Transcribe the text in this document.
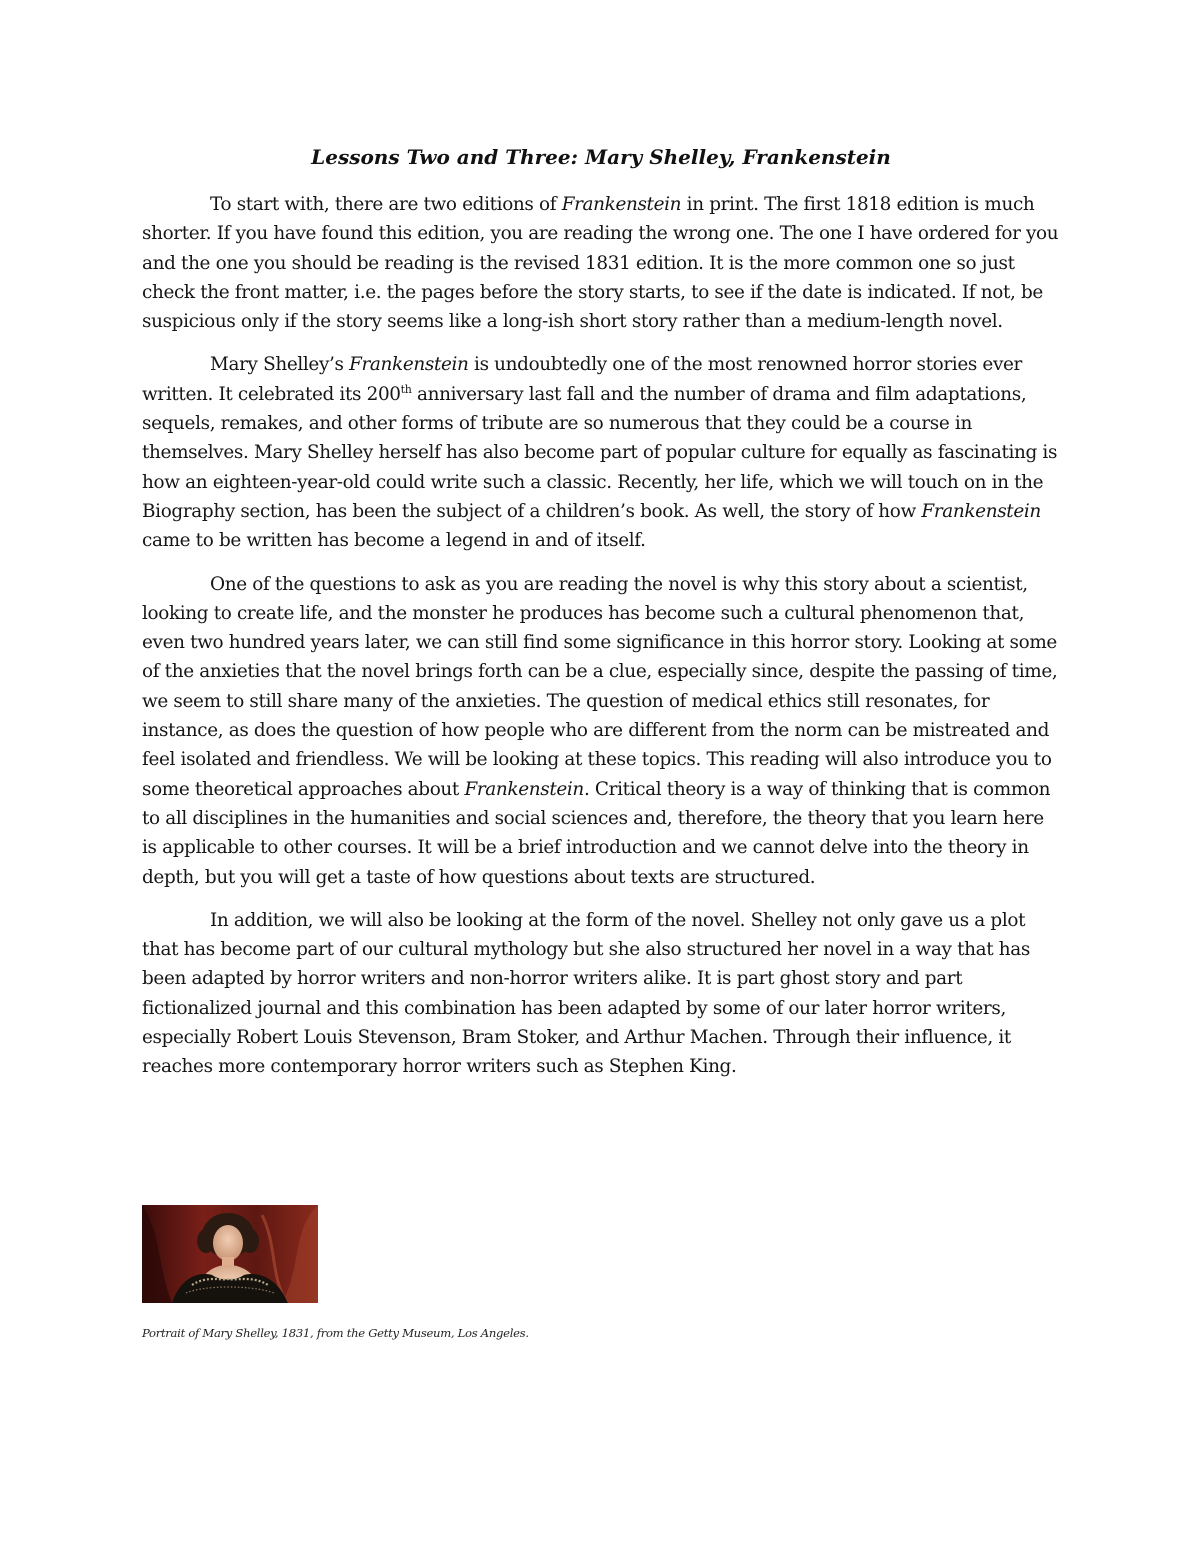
Lessons Two and Three: Mary Shelley, Frankenstein

To start with, there are two editions of Frankenstein in print. The first 1818 edition is much shorter. If you have found this edition, you are reading the wrong one. The one I have ordered for you and the one you should be reading is the revised 1831 edition. It is the more common one so just check the front matter, i.e. the pages before the story starts, to see if the date is indicated. If not, be suspicious only if the story seems like a long-ish short story rather than a medium-length novel.

Mary Shelley’s Frankenstein is undoubtedly one of the most renowned horror stories ever written. It celebrated its 200th anniversary last fall and the number of drama and film adaptations, sequels, remakes, and other forms of tribute are so numerous that they could be a course in themselves. Mary Shelley herself has also become part of popular culture for equally as fascinating is how an eighteen-year-old could write such a classic. Recently, her life, which we will touch on in the Biography section, has been the subject of a children’s book. As well, the story of how Frankenstein came to be written has become a legend in and of itself.

One of the questions to ask as you are reading the novel is why this story about a scientist, looking to create life, and the monster he produces has become such a cultural phenomenon that, even two hundred years later, we can still find some significance in this horror story. Looking at some of the anxieties that the novel brings forth can be a clue, especially since, despite the passing of time, we seem to still share many of the anxieties. The question of medical ethics still resonates, for instance, as does the question of how people who are different from the norm can be mistreated and feel isolated and friendless. We will be looking at these topics. This reading will also introduce you to some theoretical approaches about Frankenstein. Critical theory is a way of thinking that is common to all disciplines in the humanities and social sciences and, therefore, the theory that you learn here is applicable to other courses. It will be a brief introduction and we cannot delve into the theory in depth, but you will get a taste of how questions about texts are structured.

In addition, we will also be looking at the form of the novel. Shelley not only gave us a plot that has become part of our cultural mythology but she also structured her novel in a way that has been adapted by horror writers and non-horror writers alike. It is part ghost story and part fictionalized journal and this combination has been adapted by some of our later horror writers, especially Robert Louis Stevenson, Bram Stoker, and Arthur Machen. Through their influence, it reaches more contemporary horror writers such as Stephen King.

Portrait of Mary Shelley, 1831, from the Getty Museum, Los Angeles.
